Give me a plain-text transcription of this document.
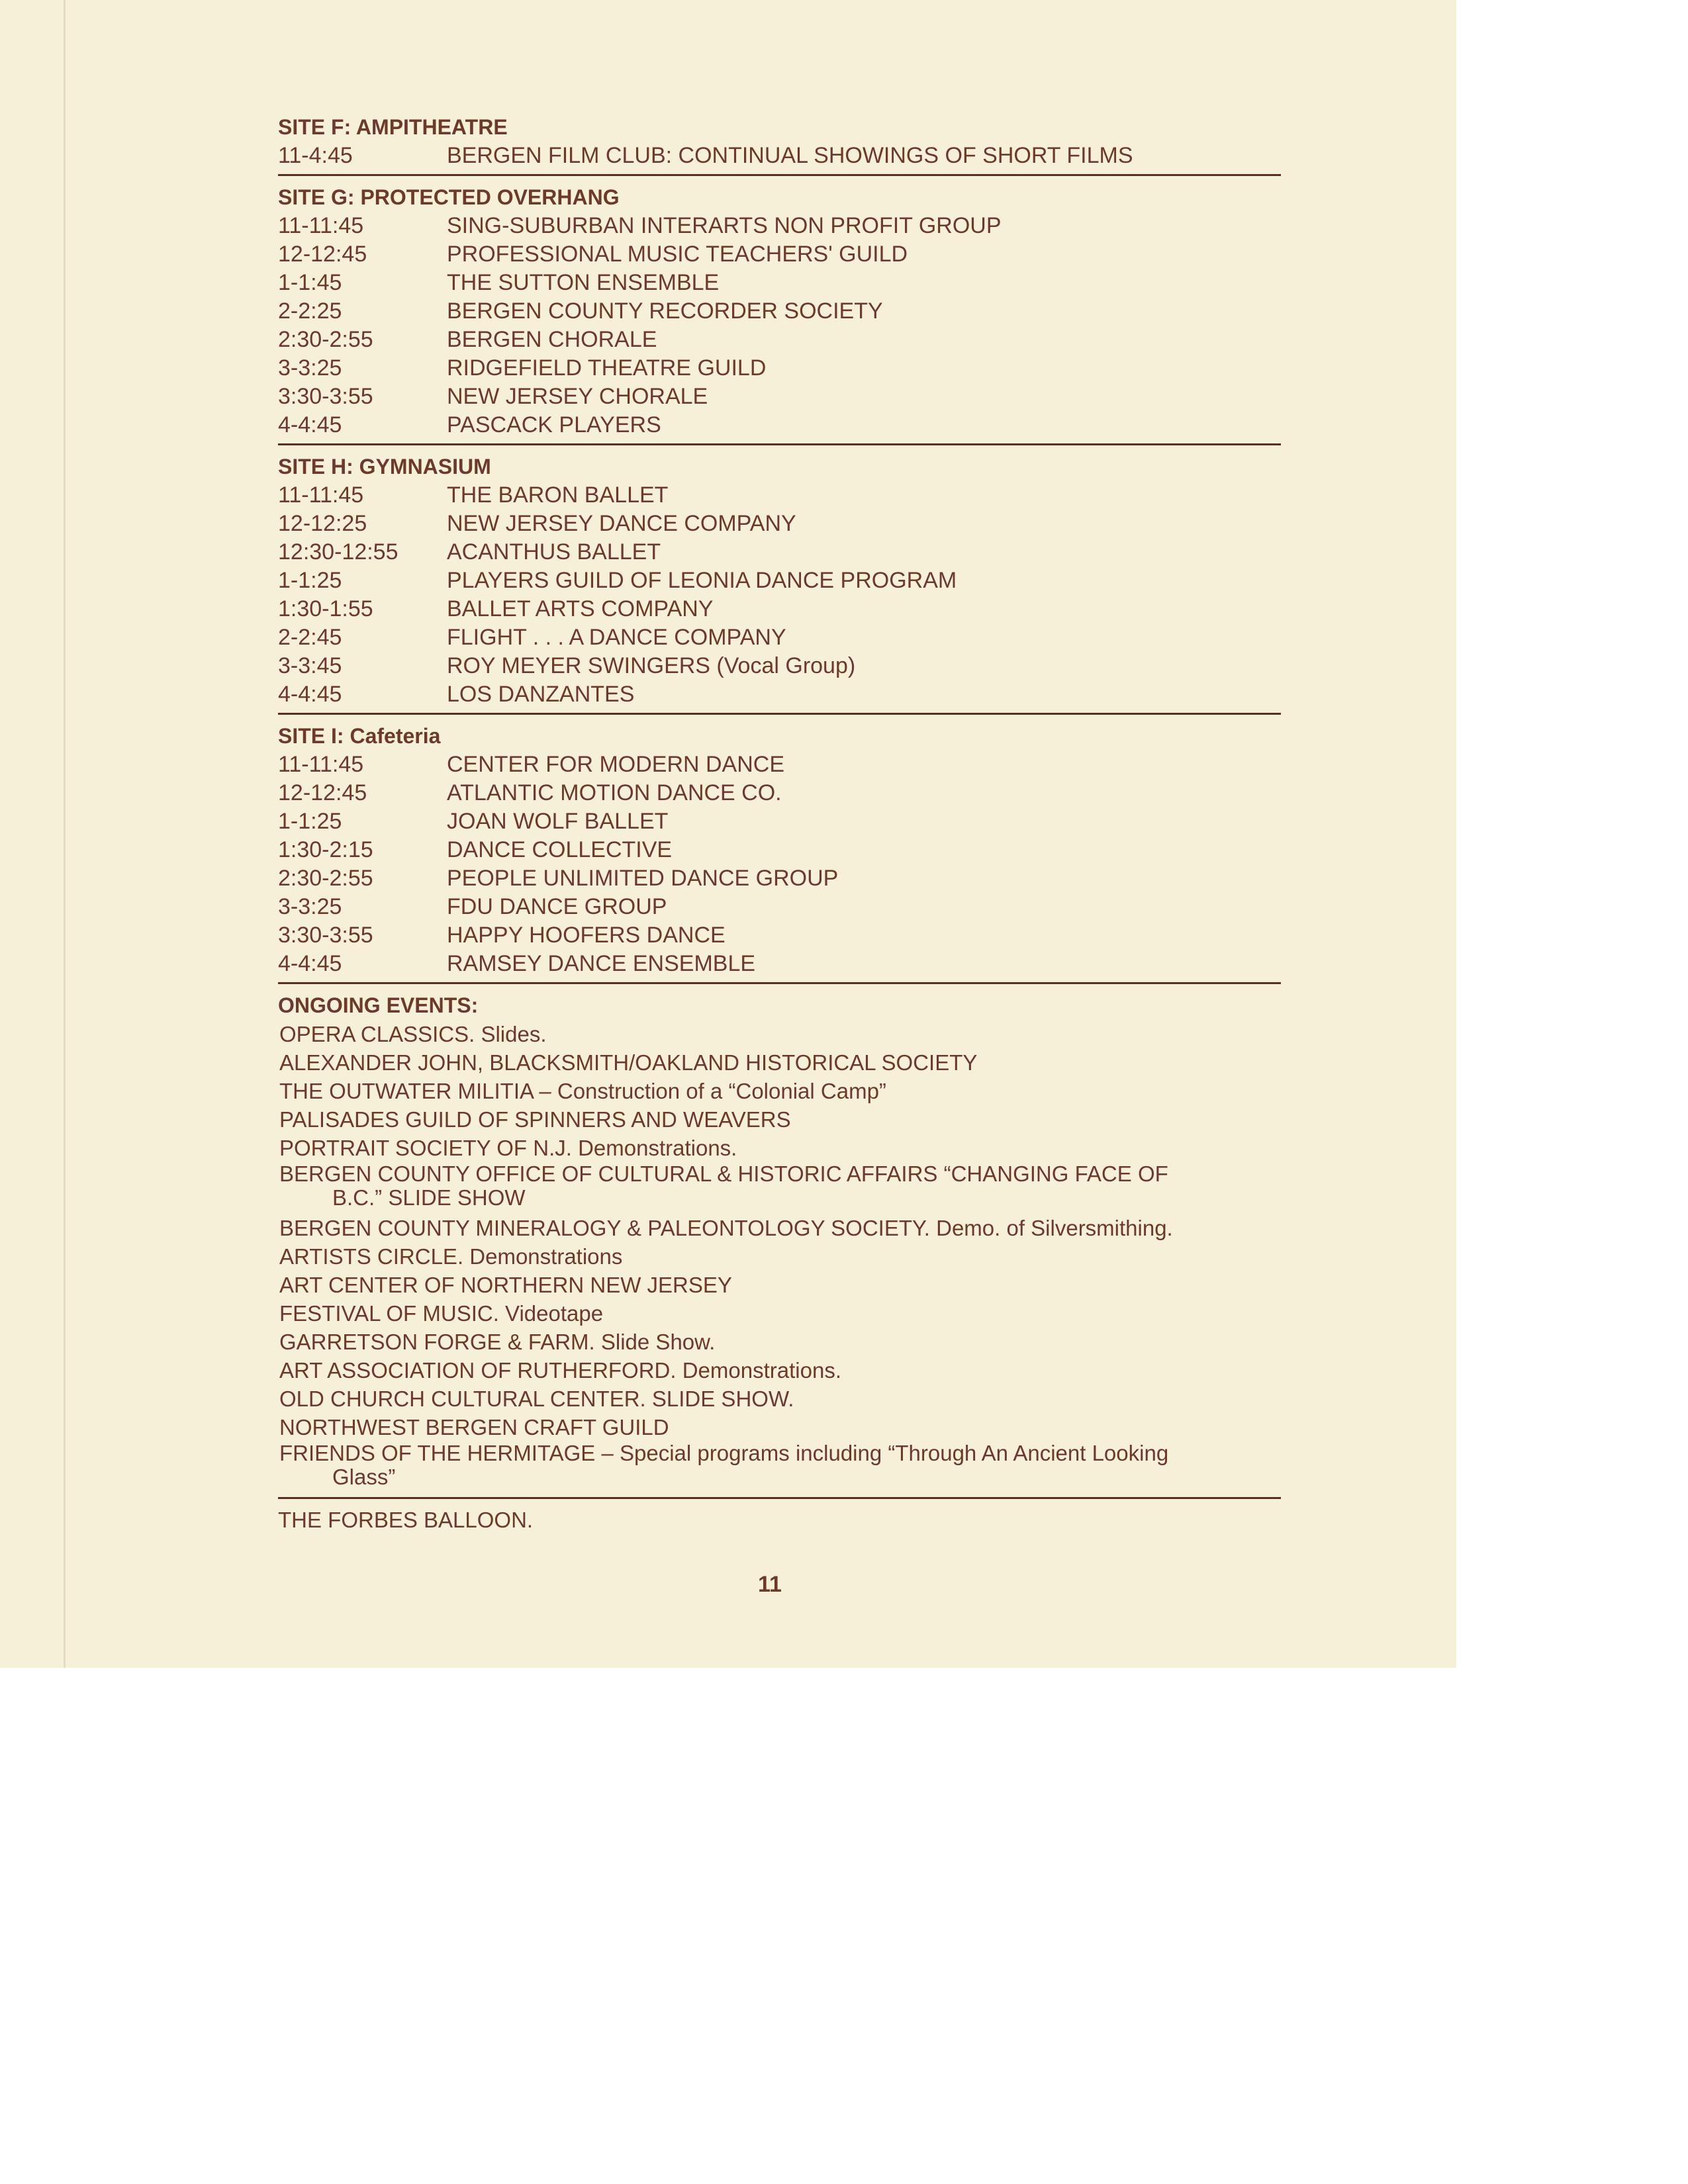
SITE F: AMPITHEATRE
11-4:45	BERGEN FILM CLUB: CONTINUAL SHOWINGS OF SHORT FILMS
SITE G: PROTECTED OVERHANG
11-11:45	SING-SUBURBAN INTERARTS NON PROFIT GROUP
12-12:45	PROFESSIONAL MUSIC TEACHERS' GUILD
1-1:45	THE SUTTON ENSEMBLE
2-2:25	BERGEN COUNTY RECORDER SOCIETY
2:30-2:55	BERGEN CHORALE
3-3:25	RIDGEFIELD THEATRE GUILD
3:30-3:55	NEW JERSEY CHORALE
4-4:45	PASCACK PLAYERS
SITE H: GYMNASIUM
11-11:45	THE BARON BALLET
12-12:25	NEW JERSEY DANCE COMPANY
12:30-12:55	ACANTHUS BALLET
1-1:25	PLAYERS GUILD OF LEONIA DANCE PROGRAM
1:30-1:55	BALLET ARTS COMPANY
2-2:45	FLIGHT . . . A DANCE COMPANY
3-3:45	ROY MEYER SWINGERS (Vocal Group)
4-4:45	LOS DANZANTES
SITE I: Cafeteria
11-11:45	CENTER FOR MODERN DANCE
12-12:45	ATLANTIC MOTION DANCE CO.
1-1:25	JOAN WOLF BALLET
1:30-2:15	DANCE COLLECTIVE
2:30-2:55	PEOPLE UNLIMITED DANCE GROUP
3-3:25	FDU DANCE GROUP
3:30-3:55	HAPPY HOOFERS DANCE
4-4:45	RAMSEY DANCE ENSEMBLE
ONGOING EVENTS:
OPERA CLASSICS. Slides.
ALEXANDER JOHN, BLACKSMITH/OAKLAND HISTORICAL SOCIETY
THE OUTWATER MILITIA – Construction of a “Colonial Camp”
PALISADES GUILD OF SPINNERS AND WEAVERS
PORTRAIT SOCIETY OF N.J. Demonstrations.
BERGEN COUNTY OFFICE OF CULTURAL & HISTORIC AFFAIRS “CHANGING FACE OF
B.C.” SLIDE SHOW
BERGEN COUNTY MINERALOGY & PALEONTOLOGY SOCIETY. Demo. of Silversmithing.
ARTISTS CIRCLE. Demonstrations
ART CENTER OF NORTHERN NEW JERSEY
FESTIVAL OF MUSIC. Videotape
GARRETSON FORGE & FARM. Slide Show.
ART ASSOCIATION OF RUTHERFORD. Demonstrations.
OLD CHURCH CULTURAL CENTER. SLIDE SHOW.
NORTHWEST BERGEN CRAFT GUILD
FRIENDS OF THE HERMITAGE – Special programs including “Through An Ancient Looking
Glass”
THE FORBES BALLOON.
11
